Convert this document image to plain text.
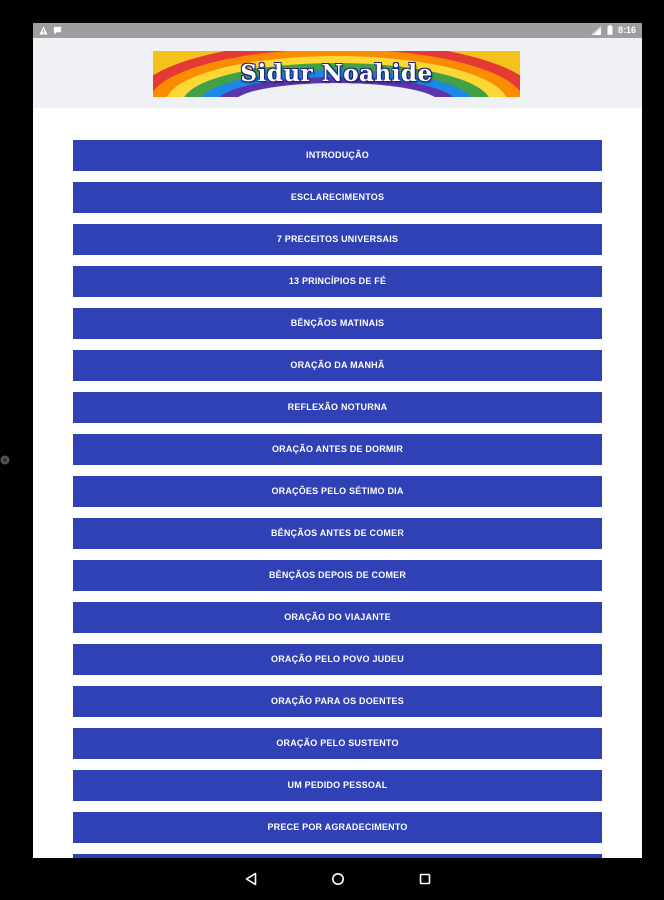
8:16
Sidur Noahide
INTRODUÇÃO
ESCLARECIMENTOS
7 PRECEITOS UNIVERSAIS
13 PRINCÍPIOS DE FÉ
BÊNÇÃOS MATINAIS
ORAÇÃO DA MANHÃ
REFLEXÃO NOTURNA
ORAÇÃO ANTES DE DORMIR
ORAÇÕES PELO SÉTIMO DIA
BÊNÇÃOS ANTES DE COMER
BÊNÇÃOS DEPOIS DE COMER
ORAÇÃO DO VIAJANTE
ORAÇÃO PELO POVO JUDEU
ORAÇÃO PARA OS DOENTES
ORAÇÃO PELO SUSTENTO
UM PEDIDO PESSOAL
PRECE POR AGRADECIMENTO
